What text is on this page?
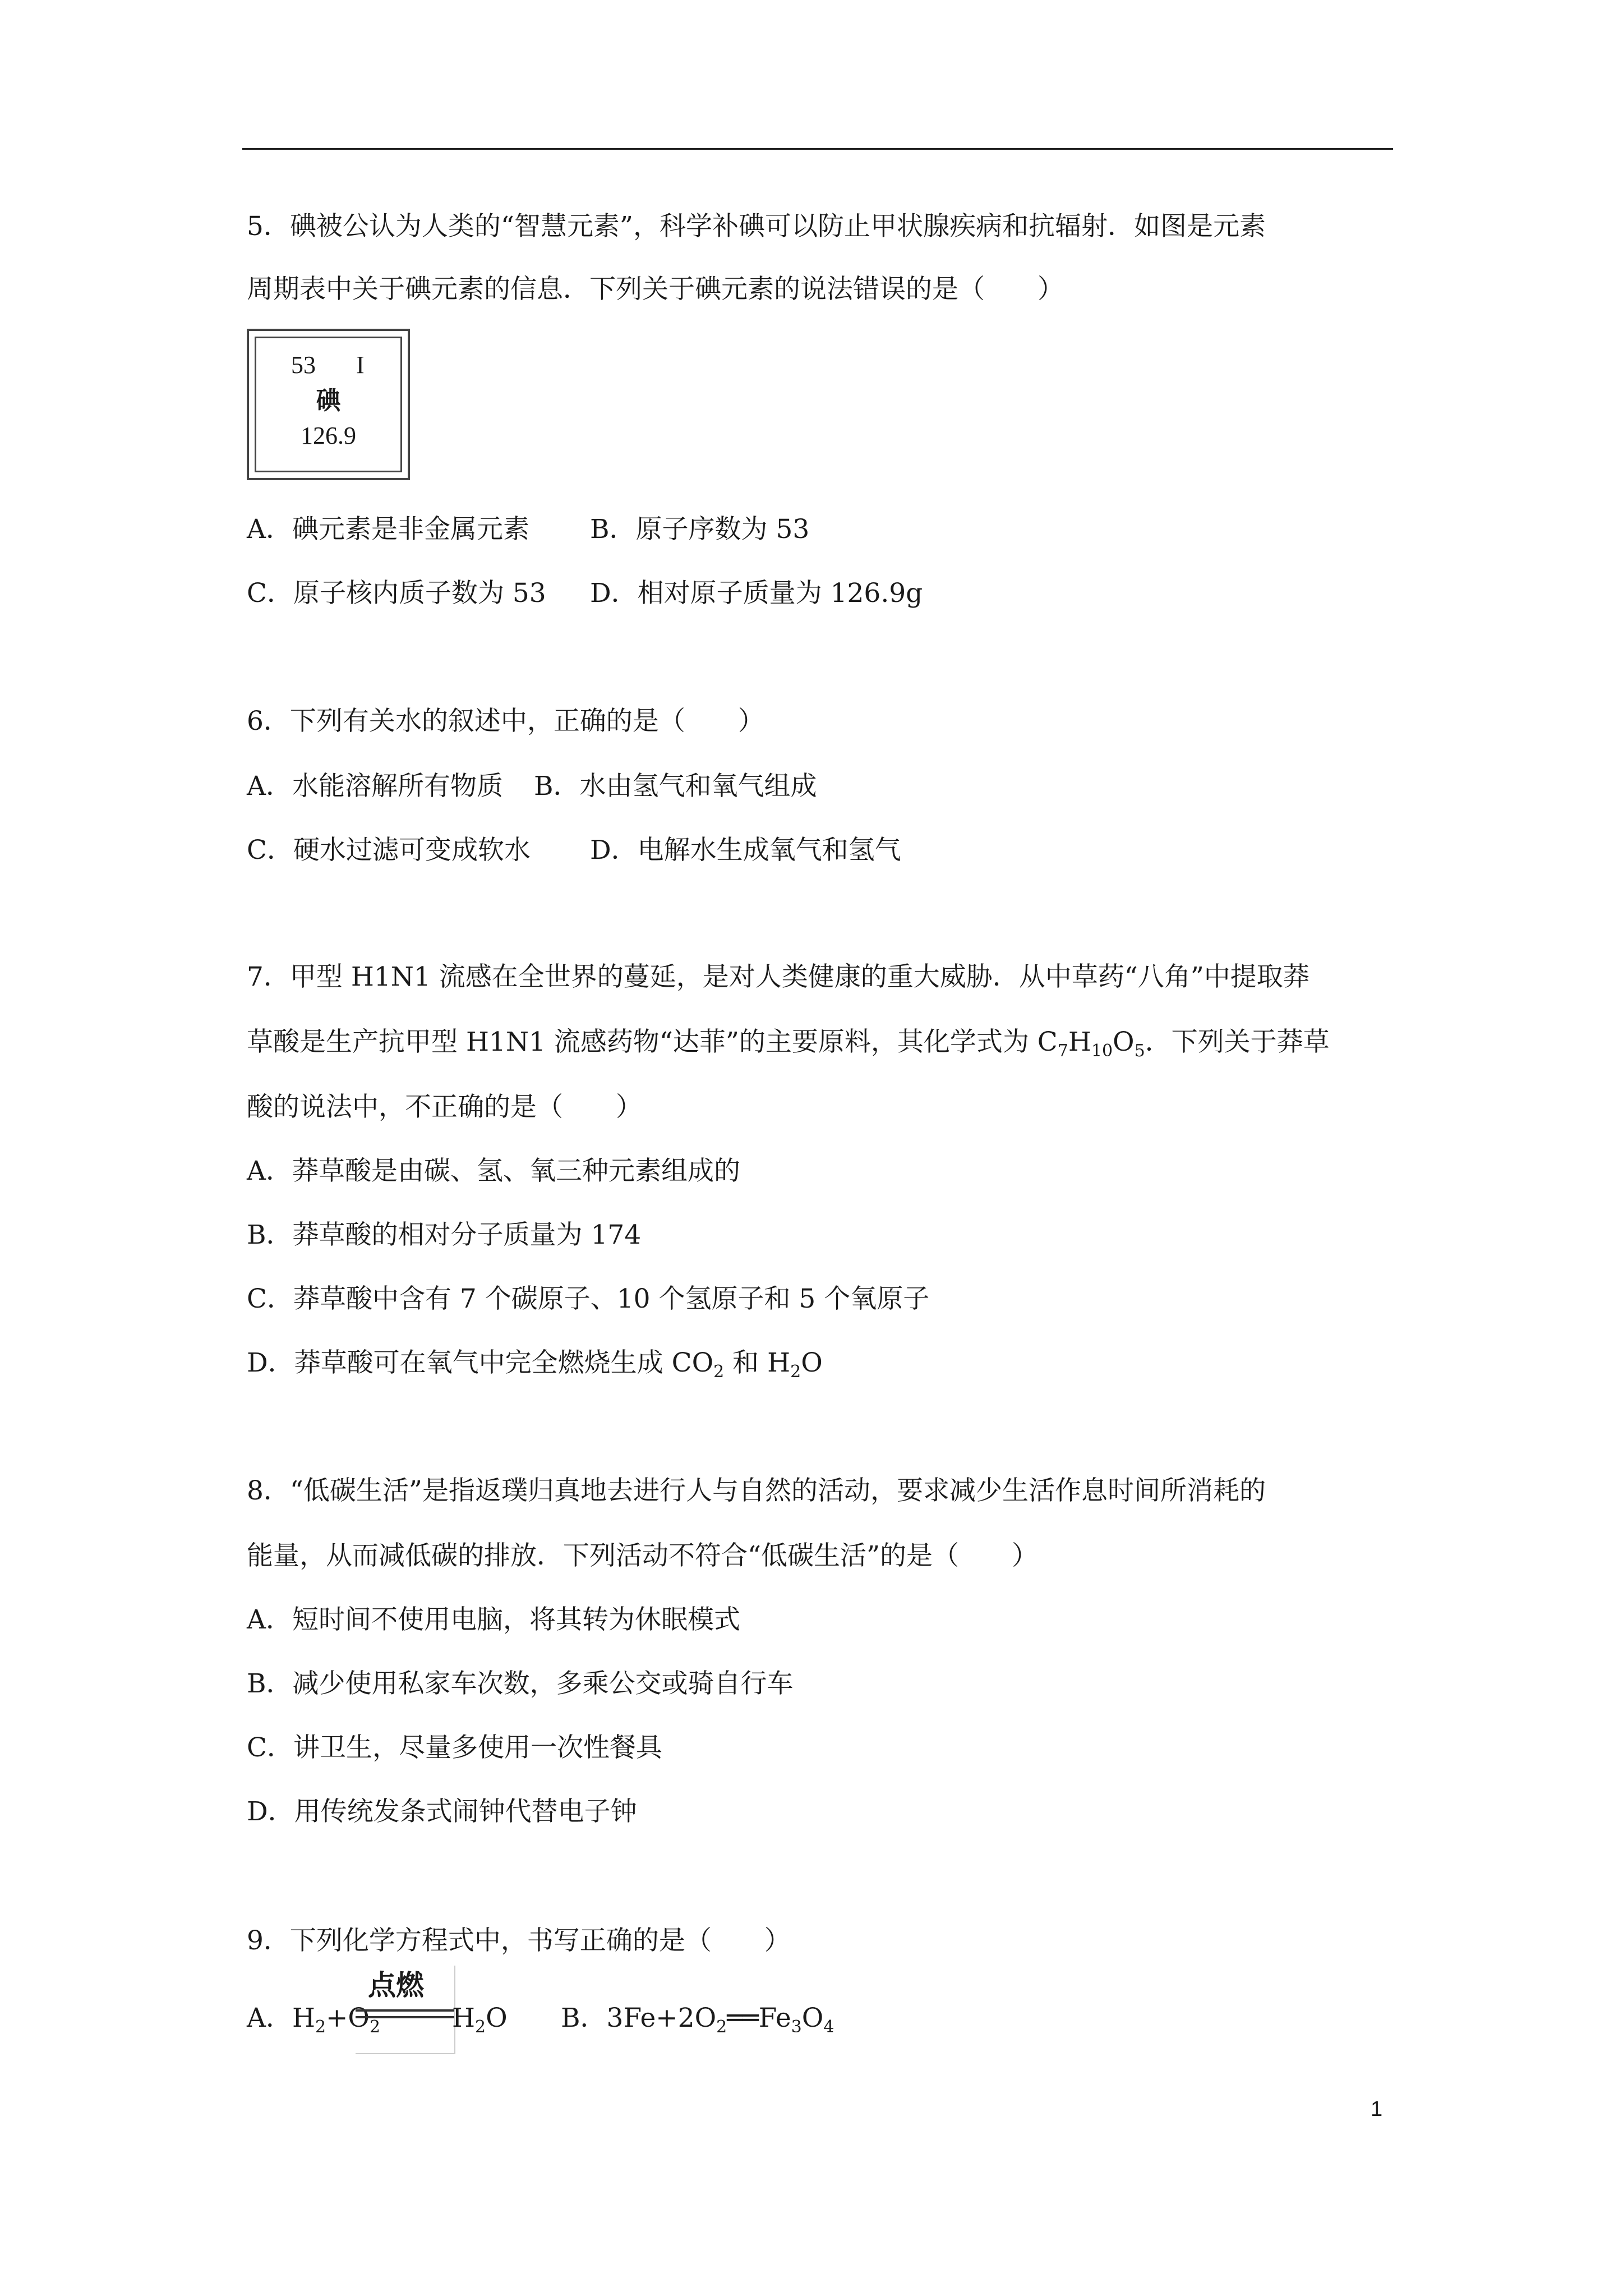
5．碘被公认为人类的“智慧元素”，科学补碘可以防止甲状腺疾病和抗辐射．如图是元素
周期表中关于碘元素的信息．下列关于碘元素的说法错误的是（　　）
53 I
碘
126.9
A．碘元素是非金属元素 B．原子序数为 53
C．原子核内质子数为 53 D．相对原子质量为 126.9g
6．下列有关水的叙述中，正确的是（　　）
A．水能溶解所有物质 B．水由氢气和氧气组成
C．硬水过滤可变成软水 D．电解水生成氧气和氢气
7．甲型 H1N1 流感在全世界的蔓延，是对人类健康的重大威胁．从中草药“八角”中提取莽
草酸是生产抗甲型 H1N1 流感药物“达菲”的主要原料，其化学式为 $C_7H_{10}O_5$．下列关于莽草
酸的说法中，不正确的是（　　）
A．莽草酸是由碳、氢、氧三种元素组成的
B．莽草酸的相对分子质量为 174
C．莽草酸中含有 7 个碳原子、10 个氢原子和 5 个氧原子
D．莽草酸可在氧气中完全燃烧生成 $CO_2$ 和 $H_2O$
8．“低碳生活”是指返璞归真地去进行人与自然的活动，要求减少生活作息时间所消耗的
能量，从而减低碳的排放．下列活动不符合“低碳生活”的是（　　）
A．短时间不使用电脑，将其转为休眠模式
B．减少使用私家车次数，多乘公交或骑自行车
C．讲卫生，尽量多使用一次性餐具
D．用传统发条式闹钟代替电子钟
9．下列化学方程式中，书写正确的是（　　）
A．$H_2+O_2$
点燃
$H_2O$ B．$3Fe+2O_2══Fe_3O_4$
1
